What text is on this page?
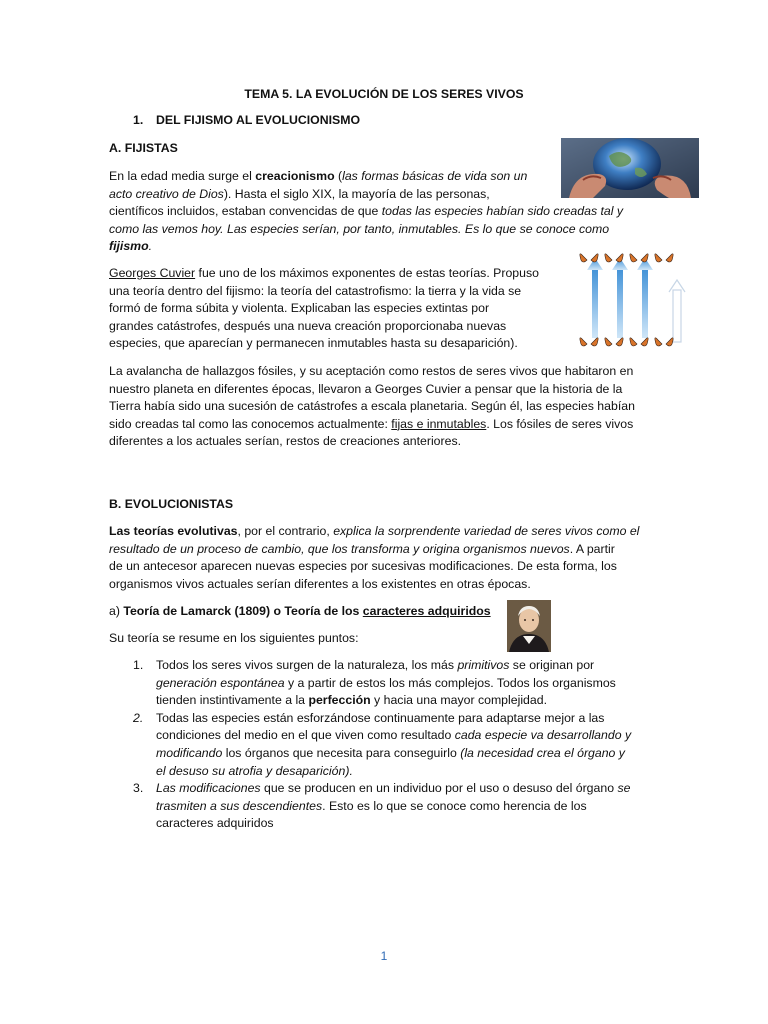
TEMA 5. LA EVOLUCIÓN DE LOS SERES VIVOS
1. DEL FIJISMO AL EVOLUCIONISMO
A. FIJISTAS

En la edad media surge el creacionismo (las formas básicas de vida son un

acto creativo de Dios). Hasta el siglo XIX, la mayoría de las personas,

científicos incluidos, estaban convencidas de que todas las especies habían sido creadas tal y

como las vemos hoy. Las especies serían, por tanto, inmutables. Es lo que se conoce como

fijismo.

Georges Cuvier fue uno de los máximos exponentes de estas teorías. Propuso

una teoría dentro del fijismo: la teoría del catastrofismo: la tierra y la vida se

formó de forma súbita y violenta. Explicaban las especies extintas por

grandes catástrofes, después una nueva creación proporcionaba nuevas

especies, que aparecían y permanecen inmutables hasta su desaparición).

La avalancha de hallazgos fósiles, y su aceptación como restos de seres vivos que habitaron en

nuestro planeta en diferentes épocas, llevaron a Georges Cuvier a pensar que la historia de la

Tierra había sido una sucesión de catástrofes a escala planetaria. Según él, las especies habían

sido creadas tal como las conocemos actualmente: fijas e inmutables. Los fósiles de seres vivos

diferentes a los actuales serían, restos de creaciones anteriores.

B. EVOLUCIONISTAS

Las teorías evolutivas, por el contrario, explica la sorprendente variedad de seres vivos como el

resultado de un proceso de cambio, que los transforma y origina organismos nuevos. A partir

de un antecesor aparecen nuevas especies por sucesivas modificaciones. De esta forma, los

organismos vivos actuales serían diferentes a los existentes en otras épocas.

a) Teoría de Lamarck (1809) o Teoría de los caracteres adquiridos
Su teoría se resume en los siguientes puntos:
1. Todos los seres vivos surgen de la naturaleza, los más primitivos se originan por
generación espontánea y a partir de estos los más complejos. Todos los organismos
tienden instintivamente a la perfección y hacia una mayor complejidad.
2. Todas las especies están esforzándose continuamente para adaptarse mejor a las
condiciones del medio en el que viven como resultado cada especie va desarrollando y
modificando los órganos que necesita para conseguirlo (la necesidad crea el órgano y
el desuso su atrofia y desaparición).
3. Las modificaciones que se producen en un individuo por el uso o desuso del órgano se
trasmiten a sus descendientes. Esto es lo que se conoce como herencia de los
caracteres adquiridos
1
